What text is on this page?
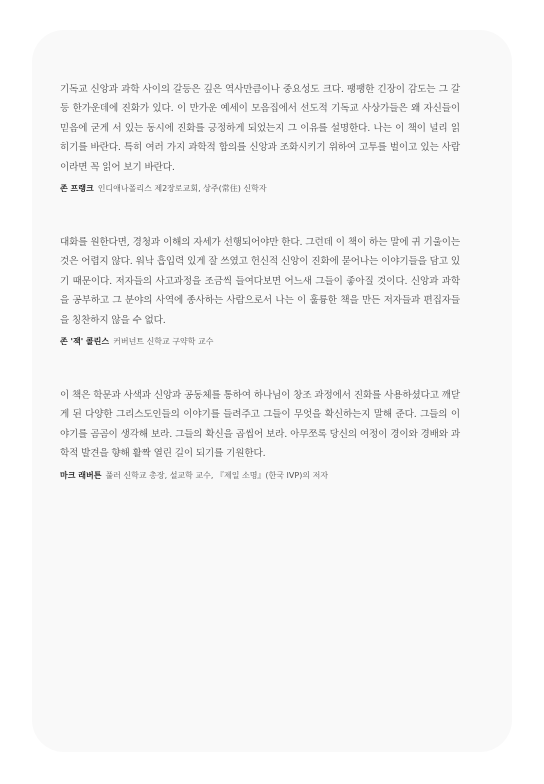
기독교 신앙과 과학 사이의 갈등은 깊은 역사만큼이나 중요성도 크다. 팽팽한 긴장이 감도는 그 갈등 한가운데에 진화가 있다. 이 만가운 예세이 모음집에서 선도적 기독교 사상가들은 왜 자신들이 믿음에 굳게 서 있는 동시에 진화를 긍정하게 되었는지 그 이유를 설명한다. 나는 이 책이 널리 읽히기를 바란다. 특히 여러 가지 과학적 합의를 신앙과 조화시키기 위하여 고투를 벌이고 있는 사람이라면 꼭 읽어 보기 바란다.

존 프랭크 인디애나폴리스 제2장로교회, 상주(常住) 신학자

대화를 원한다면, 경청과 이해의 자세가 선행되어야만 한다. 그런데 이 책이 하는 말에 귀 기울이는 것은 어렵지 않다. 워낙 흡입력 있게 잘 쓰였고 헌신적 신앙이 진화에 묻어나는 이야기들을 담고 있기 때문이다. 저자들의 사고과정을 조금씩 들여다보면 어느새 그들이 좋아질 것이다. 신앙과 과학을 공부하고 그 분야의 사역에 종사하는 사람으로서 나는 이 훌륭한 책을 만든 저자들과 편집자들을 칭찬하지 않을 수 없다.

존 '잭' 콜린스 커버넌트 신학교 구약학 교수

이 책은 학문과 사색과 신앙과 공동체를 통하여 하나님이 창조 과정에서 진화를 사용하셨다고 깨닫게 된 다양한 그리스도인들의 이야기를 들려주고 그들이 무엇을 확신하는지 말해 준다. 그들의 이야기를 곰곰이 생각해 보라. 그들의 확신을 곱씹어 보라. 아무쪼록 당신의 여정이 경이와 경배와 과학적 발견을 향해 활짝 열린 길이 되기를 기원한다.

마크 래버튼 풀러 신학교 총장, 설교학 교수, 『제일 소명』(한국 IVP)의 저자
